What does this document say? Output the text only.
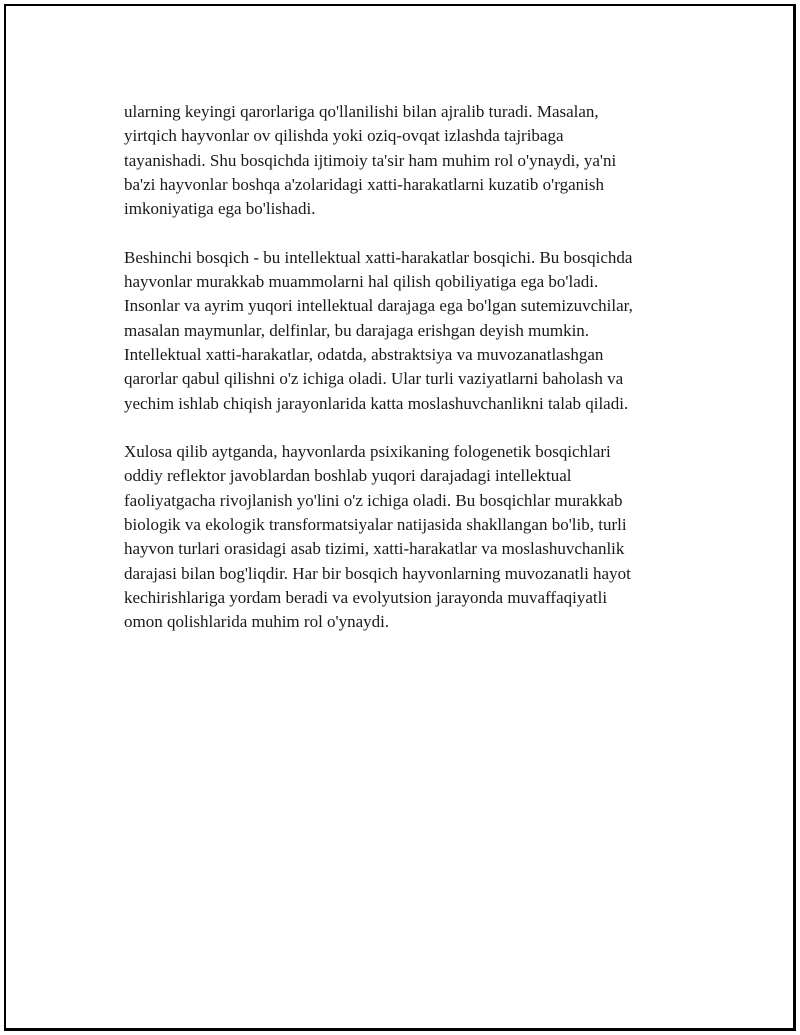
ularning keyingi qarorlariga qo'llanilishi bilan ajralib turadi. Masalan,
yirtqich hayvonlar ov qilishda yoki oziq-ovqat izlashda tajribaga
tayanishadi. Shu bosqichda ijtimoiy ta'sir ham muhim rol o'ynaydi, ya'ni
ba'zi hayvonlar boshqa a'zolaridagi xatti-harakatlarni kuzatib o'rganish
imkoniyatiga ega bo'lishadi.

Beshinchi bosqich - bu intellektual xatti-harakatlar bosqichi. Bu bosqichda
hayvonlar murakkab muammolarni hal qilish qobiliyatiga ega bo'ladi.
Insonlar va ayrim yuqori intellektual darajaga ega bo'lgan sutemizuvchilar,
masalan maymunlar, delfinlar, bu darajaga erishgan deyish mumkin.
Intellektual xatti-harakatlar, odatda, abstraktsiya va muvozanatlashgan
qarorlar qabul qilishni o'z ichiga oladi. Ular turli vaziyatlarni baholash va
yechim ishlab chiqish jarayonlarida katta moslashuvchanlikni talab qiladi.

Xulosa qilib aytganda, hayvonlarda psixikaning fologenetik bosqichlari
oddiy reflektor javoblardan boshlab yuqori darajadagi intellektual
faoliyatgacha rivojlanish yo'lini o'z ichiga oladi. Bu bosqichlar murakkab
biologik va ekologik transformatsiyalar natijasida shakllangan bo'lib, turli
hayvon turlari orasidagi asab tizimi, xatti-harakatlar va moslashuvchanlik
darajasi bilan bog'liqdir. Har bir bosqich hayvonlarning muvozanatli hayot
kechirishlariga yordam beradi va evolyutsion jarayonda muvaffaqiyatli
omon qolishlarida muhim rol o'ynaydi.
